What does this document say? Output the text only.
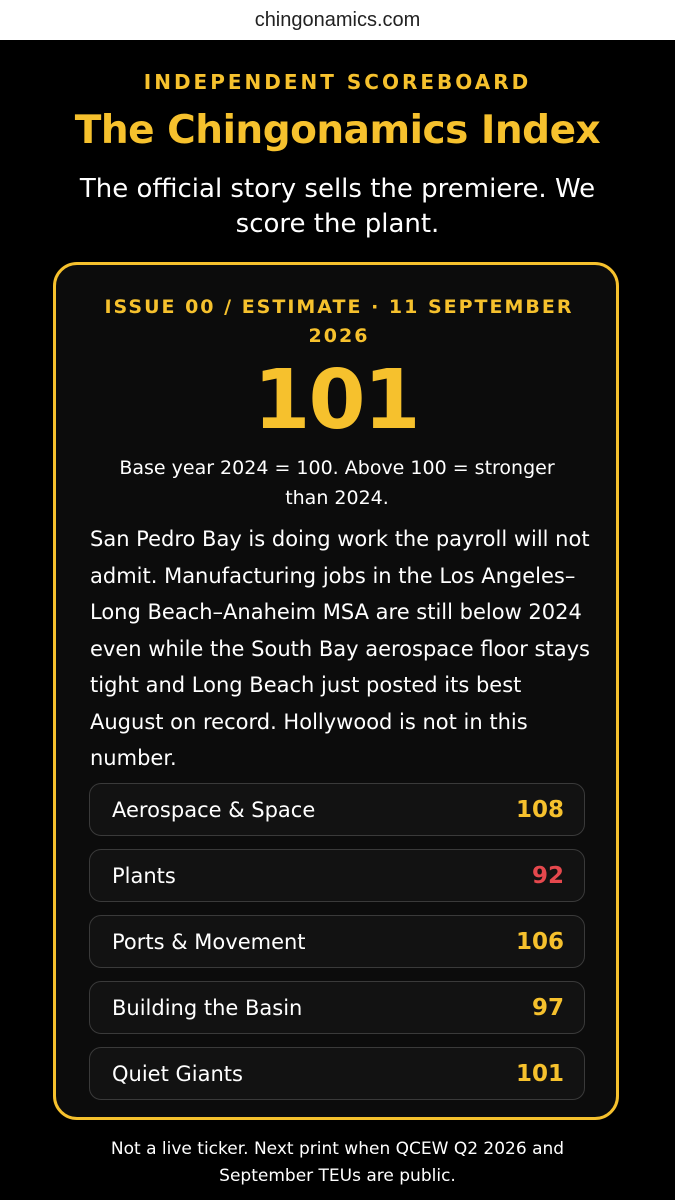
chingonamics.com
INDEPENDENT SCOREBOARD
The Chingonamics Index
The official story sells the premiere. We score the plant.
ISSUE 00 / ESTIMATE · 11 SEPTEMBER 2026
101
Base year 2024 = 100. Above 100 = stronger than 2024.
San Pedro Bay is doing work the payroll will not admit. Manufacturing jobs in the Los Angeles–Long Beach–Anaheim MSA are still below 2024 even while the South Bay aerospace floor stays tight and Long Beach just posted its best August on record. Hollywood is not in this number.
Aerospace & Space	108
Plants	92
Ports & Movement	106
Building the Basin	97
Quiet Giants	101
Not a live ticker. Next print when QCEW Q2 2026 and September TEUs are public.
